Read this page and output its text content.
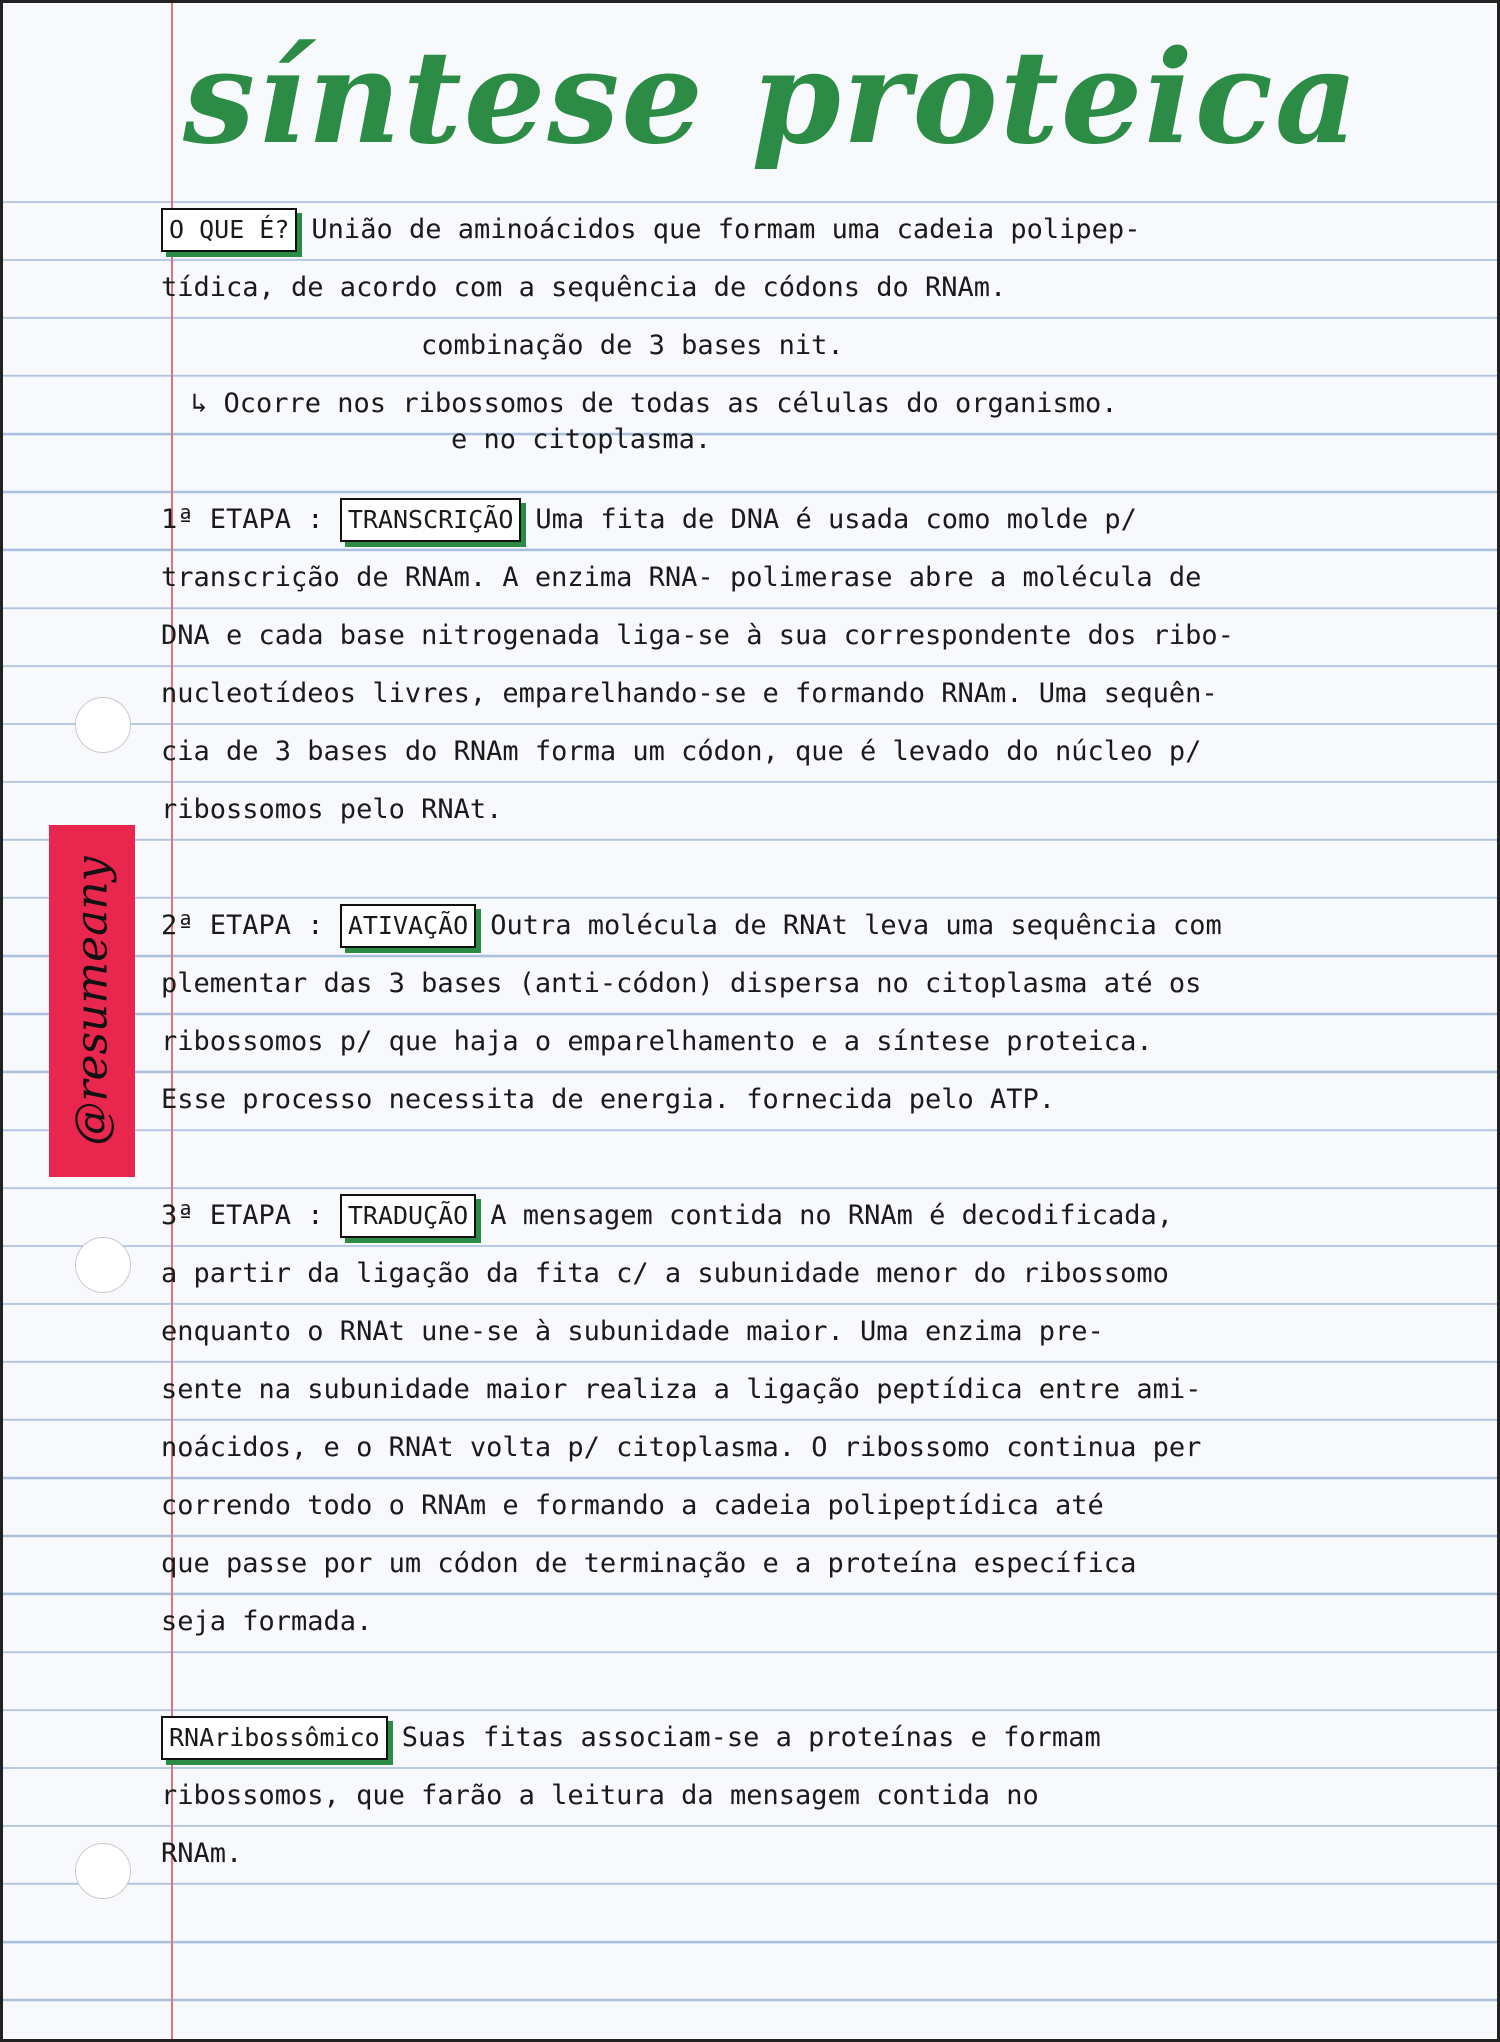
síntese proteica
@resumeany
O QUE É? União de aminoácidos que formam uma cadeia polipep-
tídica, de acordo com a sequência de códons do RNAm.
combinação de 3 bases nit.
↳ Ocorre nos ribossomos de todas as células do organismo.
e no citoplasma.
1ª ETAPA : TRANSCRIÇÃO Uma fita de DNA é usada como molde p/
transcrição de RNAm. A enzima RNA- polimerase abre a molécula de
DNA e cada base nitrogenada liga-se à sua correspondente dos ribo-
nucleotídeos livres, emparelhando-se e formando RNAm. Uma sequên-
cia de 3 bases do RNAm forma um códon, que é levado do núcleo p/
ribossomos pelo RNAt.
2ª ETAPA : ATIVAÇÃO Outra molécula de RNAt leva uma sequência com
plementar das 3 bases (anti-códon) dispersa no citoplasma até os
ribossomos p/ que haja o emparelhamento e a síntese proteica.
Esse processo necessita de energia. fornecida pelo ATP.
3ª ETAPA : TRADUÇÃO A mensagem contida no RNAm é decodificada,
a partir da ligação da fita c/ a subunidade menor do ribossomo
enquanto o RNAt une-se à subunidade maior. Uma enzima pre-
sente na subunidade maior realiza a ligação peptídica entre ami-
noácidos, e o RNAt volta p/ citoplasma. O ribossomo continua per
correndo todo o RNAm e formando a cadeia polipeptídica até
que passe por um códon de terminação e a proteína específica
seja formada.
RNAribossômico Suas fitas associam-se a proteínas e formam
ribossomos, que farão a leitura da mensagem contida no
RNAm.
